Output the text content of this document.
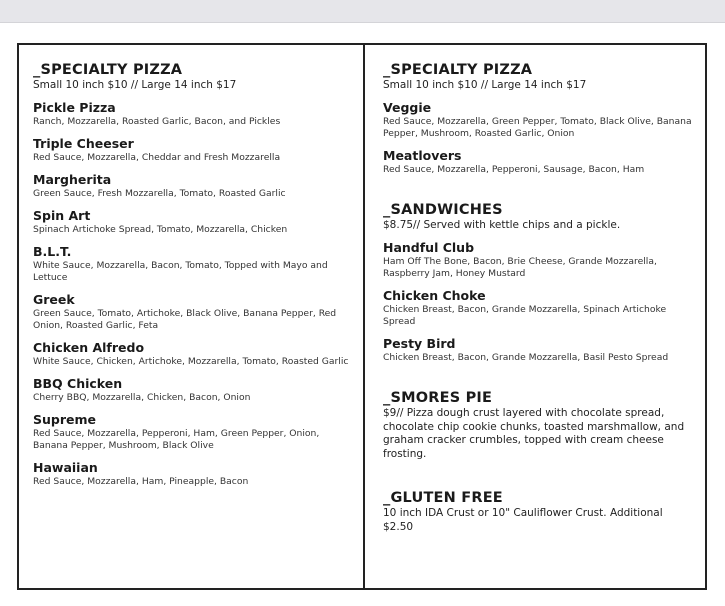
_SPECIALTY PIZZA

Small 10 inch $10 // Large 14 inch $17

Pickle Pizza

Ranch, Mozzarella, Roasted Garlic, Bacon, and Pickles

Triple Cheeser

Red Sauce, Mozzarella, Cheddar and Fresh Mozzarella

Margherita

Green Sauce, Fresh Mozzarella, Tomato, Roasted Garlic

Spin Art

Spinach Artichoke Spread, Tomato, Mozzarella, Chicken

B.L.T.

White Sauce, Mozzarella, Bacon, Tomato, Topped with Mayo and Lettuce

Greek

Green Sauce, Tomato, Artichoke, Black Olive, Banana Pepper, Red Onion, Roasted Garlic, Feta

Chicken Alfredo

White Sauce, Chicken, Artichoke, Mozzarella, Tomato, Roasted Garlic

BBQ Chicken

Cherry BBQ, Mozzarella, Chicken, Bacon, Onion

Supreme

Red Sauce, Mozzarella, Pepperoni, Ham, Green Pepper, Onion, Banana Pepper, Mushroom, Black Olive

Hawaiian

Red Sauce, Mozzarella, Ham, Pineapple, Bacon

_SPECIALTY PIZZA

Small 10 inch $10 // Large 14 inch $17

Veggie

Red Sauce, Mozzarella, Green Pepper, Tomato, Black Olive, Banana Pepper, Mushroom, Roasted Garlic, Onion

Meatlovers

Red Sauce, Mozzarella, Pepperoni, Sausage, Bacon, Ham

_SANDWICHES

$8.75// Served with kettle chips and a pickle.

Handful Club

Ham Off The Bone, Bacon, Brie Cheese, Grande Mozzarella, Raspberry Jam, Honey Mustard

Chicken Choke

Chicken Breast, Bacon, Grande Mozzarella, Spinach Artichoke Spread

Pesty Bird

Chicken Breast, Bacon, Grande Mozzarella, Basil Pesto Spread

_SMORES PIE

$9// Pizza dough crust layered with chocolate spread, chocolate chip cookie chunks, toasted marshmallow, and graham cracker crumbles, topped with cream cheese frosting.

_GLUTEN FREE

10 inch IDA Crust or 10" Cauliflower Crust. Additional $2.50
